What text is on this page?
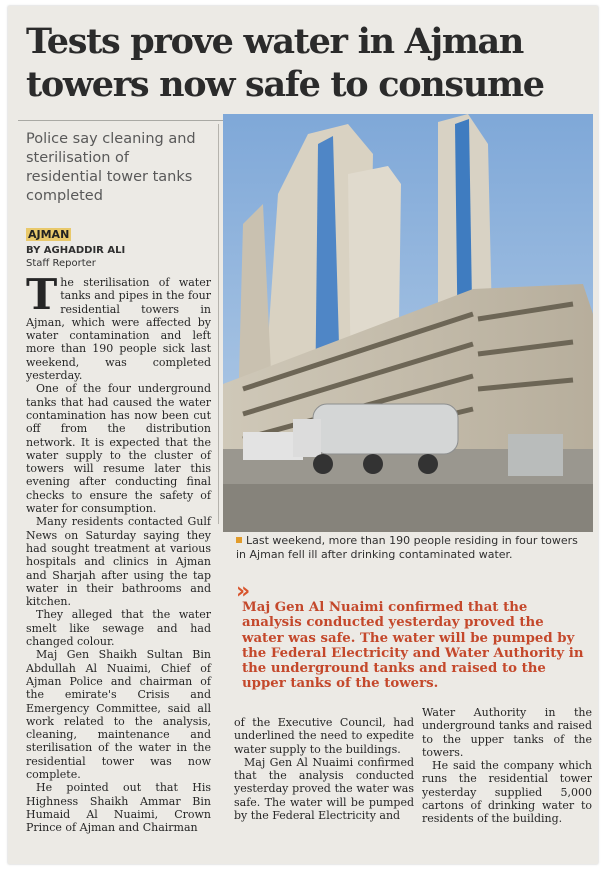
Tests prove water in Ajman towers now safe to consume
Police say cleaning and sterilisation of residential tower tanks completed
AJMAN
BY AGHADDIR ALI
Staff Reporter

The sterilisation of water tanks and pipes in the four residential towers in Ajman, which were affected by water contamination and left more than 190 people sick last weekend, was completed yesterday.

One of the four underground tanks that had caused the water contamination has now been cut off from the distribution network. It is expected that the water supply to the cluster of towers will resume later this evening after conducting final checks to ensure the safety of water for consumption.

Many residents contacted Gulf News on Saturday saying they had sought treatment at various hospitals and clinics in Ajman and Sharjah after using the tap water in their bathrooms and kitchen.

They alleged that the water smelt like sewage and had changed colour.

Maj Gen Shaikh Sultan Bin Abdullah Al Nuaimi, Chief of Ajman Police and chairman of the emirate's Crisis and Emergency Committee, said all work related to the analysis, cleaning, maintenance and sterilisation of the water in the residential tower was now complete.

He pointed out that His Highness Shaikh Ammar Bin Humaid Al Nuaimi, Crown Prince of Ajman and Chairman

Last weekend, more than 190 people residing in four towers in Ajman fell ill after drinking contaminated water.
»
Maj Gen Al Nuaimi confirmed that the analysis conducted yesterday proved the water was safe. The water will be pumped by the Federal Electricity and Water Authority in the underground tanks and raised to the upper tanks of the towers.

of the Executive Council, had underlined the need to expedite water supply to the buildings.

Maj Gen Al Nuaimi confirmed that the analysis conducted yesterday proved the water was safe. The water will be pumped by the Federal Electricity and

Water Authority in the underground tanks and raised to the upper tanks of the towers.

He said the company which runs the residential tower yesterday supplied 5,000 cartons of drinking water to residents of the building.
